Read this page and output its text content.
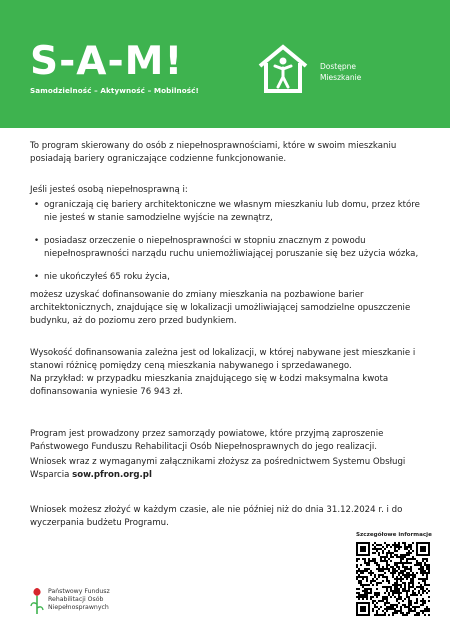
S-A-M!
Samodzielność – Aktywność – Mobilność!
Dostępne
Mieszkanie

To program skierowany do osób z niepełnosprawnościami, które w swoim mieszkaniu posiadają bariery ograniczające codzienne funkcjonowanie.

Jeśli jesteś osobą niepełnosprawną i:

• ograniczają cię bariery architektoniczne we własnym mieszkaniu lub domu, przez które nie jesteś w stanie samodzielne wyjście na zewnątrz,
• posiadasz orzeczenie o niepełnosprawności w stopniu znacznym z powodu niepełnosprawności narządu ruchu uniemożliwiającej poruszanie się bez użycia wózka,
• nie ukończyłeś 65 roku życia,

możesz uzyskać dofinansowanie do zmiany mieszkania na pozbawione barier architektonicznych, znajdujące się w lokalizacji umożliwiającej samodzielne opuszczenie budynku, aż do poziomu zero przed budynkiem.

Wysokość dofinansowania zależna jest od lokalizacji, w której nabywane jest mieszkanie i stanowi różnicę pomiędzy ceną mieszkania nabywanego i sprzedawanego.

Na przykład: w przypadku mieszkania znajdującego się w Łodzi maksymalna kwota dofinansowania wyniesie 76 943 zł.

Program jest prowadzony przez samorządy powiatowe, które przyjmą zaproszenie Państwowego Funduszu Rehabilitacji Osób Niepełnosprawnych do jego realizacji.

Wniosek wraz z wymaganymi załącznikami złożysz za pośrednictwem Systemu Obsługi Wsparcia sow.pfron.org.pl

Wniosek możesz złożyć w każdym czasie, ale nie później niż do dnia 31.12.2024 r. i do wyczerpania budżetu Programu.

Szczegółowe informacje
Państwowy Fundusz
Rehabilitacji Osób
Niepełnosprawnych
